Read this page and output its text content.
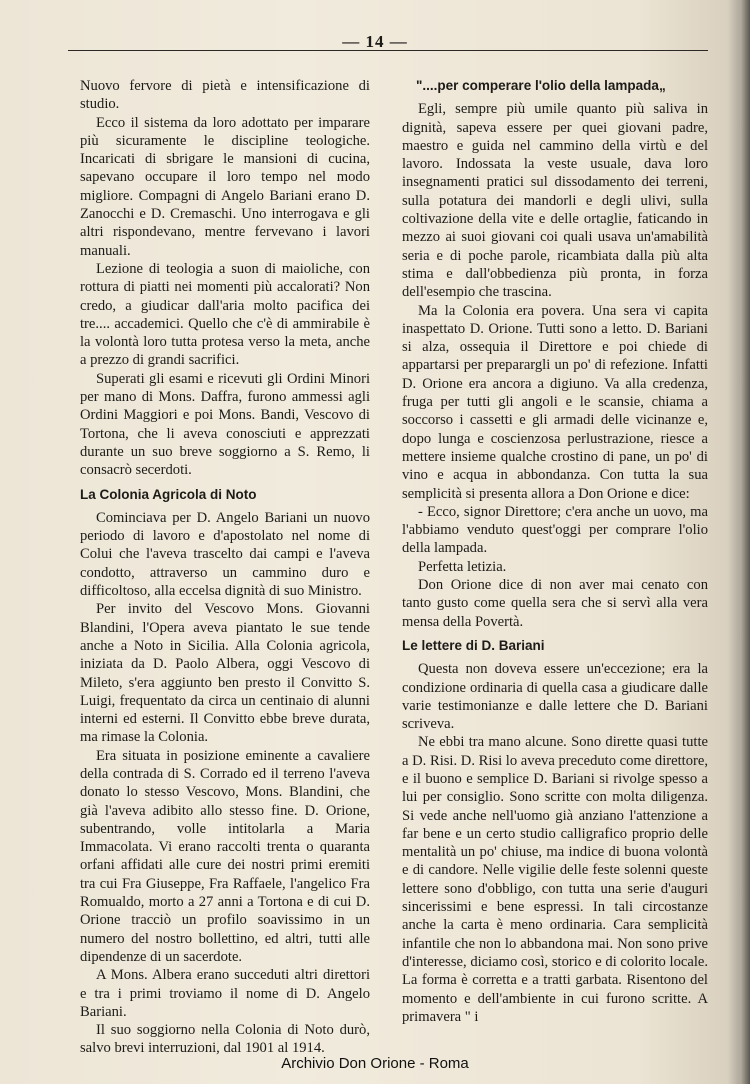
— 14 —

Nuovo fervore di pietà e intensificazione di studio.

Ecco il sistema da loro adottato per imparare più sicuramente le discipline teologiche. Incaricati di sbrigare le mansioni di cucina, sapevano occupare il loro tempo nel modo migliore. Compagni di Angelo Bariani erano D. Zanocchi e D. Cremaschi. Uno interrogava e gli altri rispondevano, mentre fervevano i lavori manuali.

Lezione di teologia a suon di maioliche, con rottura di piatti nei momenti più accalorati? Non credo, a giudicar dall'aria molto pacifica dei tre.... accademici. Quello che c'è di ammirabile è la volontà loro tutta protesa verso la meta, anche a prezzo di grandi sacrifici.

Superati gli esami e ricevuti gli Ordini Minori per mano di Mons. Daffra, furono ammessi agli Ordini Maggiori e poi Mons. Bandi, Vescovo di Tortona, che li aveva conosciuti e apprezzati durante un suo breve soggiorno a S. Remo, li consacrò secerdoti.

La Colonia Agricola di Noto

Cominciava per D. Angelo Bariani un nuovo periodo di lavoro e d'apostolato nel nome di Colui che l'aveva trascelto dai campi e l'aveva condotto, attraverso un cammino duro e difficoltoso, alla eccelsa dignità di suo Ministro.

Per invito del Vescovo Mons. Giovanni Blandini, l'Opera aveva piantato le sue tende anche a Noto in Sicilia. Alla Colonia agricola, iniziata da D. Paolo Albera, oggi Vescovo di Mileto, s'era aggiunto ben presto il Convitto S. Luigi, frequentato da circa un centinaio di alunni interni ed esterni. Il Convitto ebbe breve durata, ma rimase la Colonia.

Era situata in posizione eminente a cavaliere della contrada di S. Corrado ed il terreno l'aveva donato lo stesso Vescovo, Mons. Blandini, che già l'aveva adibito allo stesso fine. D. Orione, subentrando, volle intitolarla a Maria Immacolata. Vi erano raccolti trenta o quaranta orfani affidati alle cure dei nostri primi eremiti tra cui Fra Giuseppe, Fra Raffaele, l'angelico Fra Romualdo, morto a 27 anni a Tortona e di cui D. Orione tracciò un profilo soavissimo in un numero del nostro bollettino, ed altri, tutti alle dipendenze di un sacerdote.

A Mons. Albera erano succeduti altri direttori e tra i primi troviamo il nome di D. Angelo Bariani.

Il suo soggiorno nella Colonia di Noto durò, salvo brevi interruzioni, dal 1901 al 1914.

"....per comperare l'olio della lampada„

Egli, sempre più umile quanto più saliva in dignità, sapeva essere per quei giovani padre, maestro e guida nel cammino della virtù e del lavoro. Indossata la veste usuale, dava loro insegnamenti pratici sul dissodamento dei terreni, sulla potatura dei mandorli e degli ulivi, sulla coltivazione della vite e delle ortaglie, faticando in mezzo ai suoi giovani coi quali usava un'amabilità seria e di poche parole, ricambiata dalla più alta stima e dall'obbedienza più pronta, in forza dell'esempio che trascina.

Ma la Colonia era povera. Una sera vi capita inaspettato D. Orione. Tutti sono a letto. D. Bariani si alza, ossequia il Direttore e poi chiede di appartarsi per preparargli un po' di refezione. Infatti D. Orione era ancora a digiuno. Va alla credenza, fruga per tutti gli angoli e le scansie, chiama a soccorso i cassetti e gli armadi delle vicinanze e, dopo lunga e coscienzosa perlustrazione, riesce a mettere insieme qualche crostino di pane, un po' di vino e acqua in abbondanza. Con tutta la sua semplicità si presenta allora a Don Orione e dice:

- Ecco, signor Direttore; c'era anche un uovo, ma l'abbiamo venduto quest'oggi per comprare l'olio della lampada.

Perfetta letizia.

Don Orione dice di non aver mai cenato con tanto gusto come quella sera che si servì alla vera mensa della Povertà.

Le lettere di D. Bariani

Questa non doveva essere un'eccezione; era la condizione ordinaria di quella casa a giudicare dalle varie testimonianze e dalle lettere che D. Bariani scriveva.

Ne ebbi tra mano alcune. Sono dirette quasi tutte a D. Risi. D. Risi lo aveva preceduto come direttore, e il buono e semplice D. Bariani si rivolge spesso a lui per consiglio. Sono scritte con molta diligenza. Si vede anche nell'uomo già anziano l'attenzione a far bene e un certo studio calligrafico proprio delle mentalità un po' chiuse, ma indice di buona volontà e di candore. Nelle vigilie delle feste solenni queste lettere sono d'obbligo, con tutta una serie d'auguri sincerissimi e bene espressi. In tali circostanze anche la carta è meno ordinaria. Cara semplicità infantile che non lo abbandona mai. Non sono prive d'interesse, diciamo così, storico e di colorito locale. La forma è corretta e a tratti garbata. Risentono del momento e dell'ambiente in cui furono scritte. A primavera " i

Archivio Don Orione - Roma
